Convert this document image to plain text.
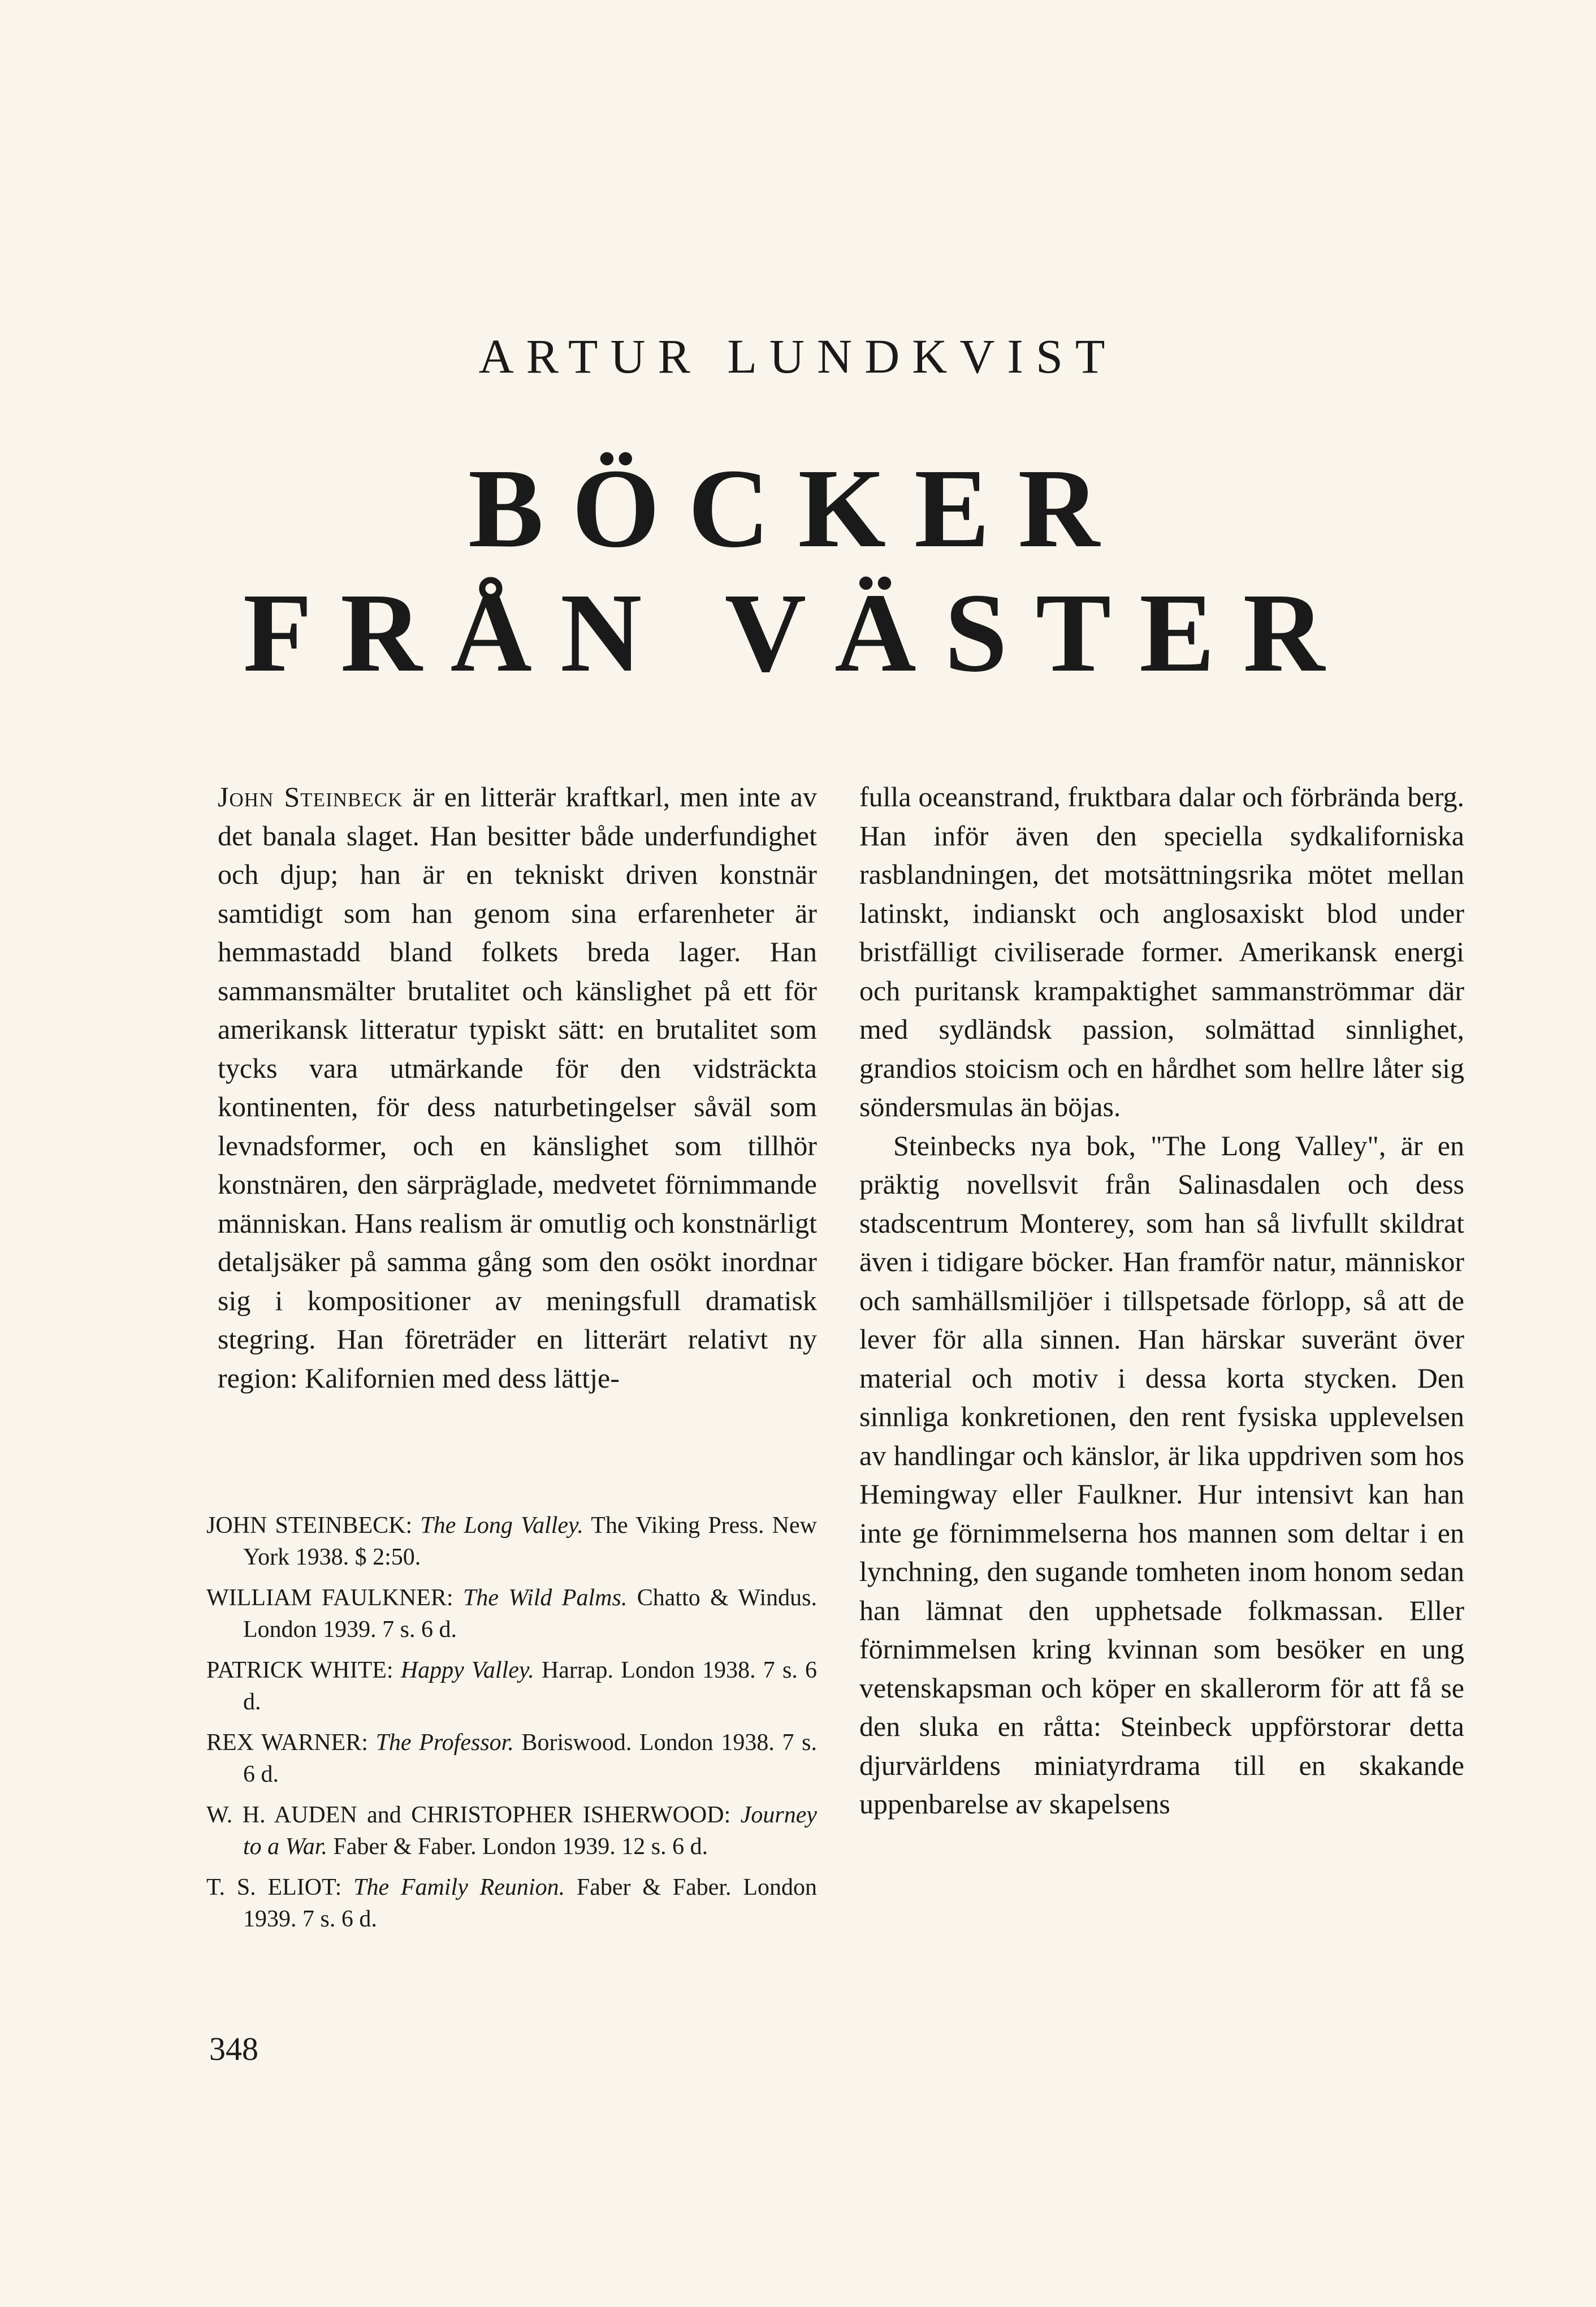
ARTUR LUNDKVIST
BÖCKER
FRÅN VÄSTER

John Steinbeck är en litterär kraftkarl, men inte av det banala slaget. Han besitter både underfundighet och djup; han är en tekniskt driven konstnär samtidigt som han genom sina erfarenheter är hemmastadd bland folkets breda lager. Han sammansmälter brutalitet och känslighet på ett för amerikansk litteratur typiskt sätt: en brutalitet som tycks vara utmärkande för den vidsträckta kontinenten, för dess naturbetingelser såväl som levnadsformer, och en känslighet som tillhör konstnären, den särpräglade, medvetet förnimmande människan. Hans realism är omutlig och konstnärligt detaljsäker på samma gång som den osökt inordnar sig i kompositioner av meningsfull dramatisk stegring. Han företräder en litterärt relativt ny region: Kalifornien med dess lättje-

JOHN STEINBECK: The Long Valley. The Viking Press. New York 1938. $ 2:50.

WILLIAM FAULKNER: The Wild Palms. Chatto & Windus. London 1939. 7 s. 6 d.

PATRICK WHITE: Happy Valley. Harrap. London 1938. 7 s. 6 d.

REX WARNER: The Professor. Boriswood. London 1938. 7 s. 6 d.

W. H. AUDEN and CHRISTOPHER ISHERWOOD: Journey to a War. Faber & Faber. London 1939. 12 s. 6 d.

T. S. ELIOT: The Family Reunion. Faber & Faber. London 1939. 7 s. 6 d.

fulla oceanstrand, fruktbara dalar och förbrända berg. Han inför även den speciella sydkaliforniska rasblandningen, det motsättningsrika mötet mellan latinskt, indianskt och anglosaxiskt blod under bristfälligt civiliserade former. Amerikansk energi och puritansk krampaktighet sammanströmmar där med sydländsk passion, solmättad sinnlighet, grandios stoicism och en hårdhet som hellre låter sig söndersmulas än böjas.

Steinbecks nya bok, "The Long Valley", är en präktig novellsvit från Salinasdalen och dess stadscentrum Monterey, som han så livfullt skildrat även i tidigare böcker. Han framför natur, människor och samhällsmiljöer i tillspetsade förlopp, så att de lever för alla sinnen. Han härskar suveränt över material och motiv i dessa korta stycken. Den sinnliga konkretionen, den rent fysiska upplevelsen av handlingar och känslor, är lika uppdriven som hos Hemingway eller Faulkner. Hur intensivt kan han inte ge förnimmelserna hos mannen som deltar i en lynchning, den sugande tomheten inom honom sedan han lämnat den upphetsade folkmassan. Eller förnimmelsen kring kvinnan som besöker en ung vetenskapsman och köper en skallerorm för att få se den sluka en råtta: Steinbeck uppförstorar detta djurvärldens miniatyrdrama till en skakande uppenbarelse av skapelsens

348
